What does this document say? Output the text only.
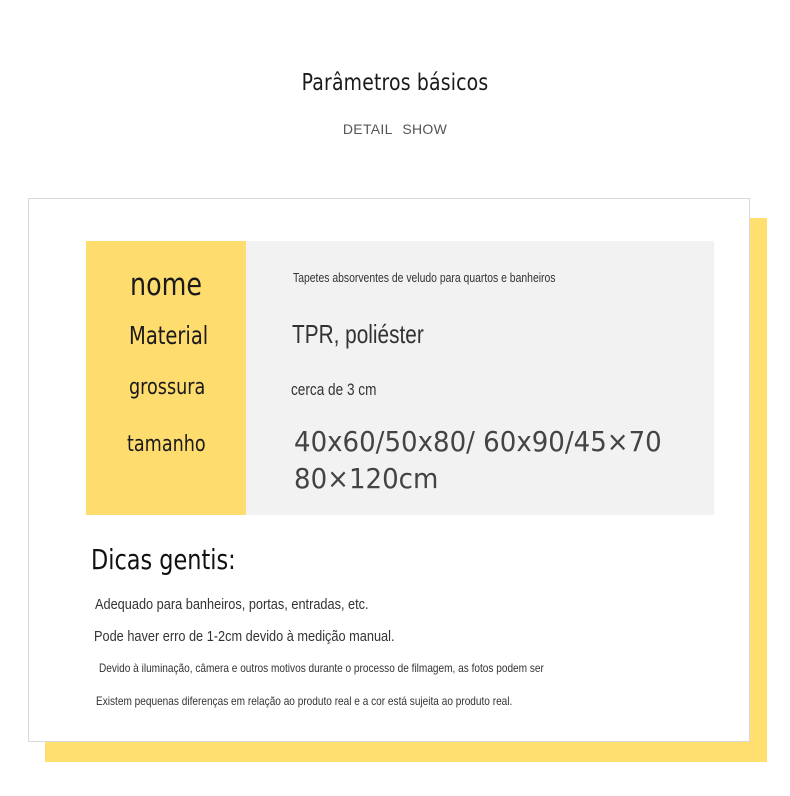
Parâmetros básicos
DETAIL SHOW
nome
Material
grossura
tamanho
Tapetes absorventes de veludo para quartos e banheiros
TPR, poliéster
cerca de 3 cm
40x60/50x80/ 60x90/45×70
80×120cm
Dicas gentis:
Adequado para banheiros, portas, entradas, etc.
Pode haver erro de 1-2cm devido à medição manual.
Devido à iluminação, câmera e outros motivos durante o processo de filmagem, as fotos podem ser
Existem pequenas diferenças em relação ao produto real e a cor está sujeita ao produto real.
